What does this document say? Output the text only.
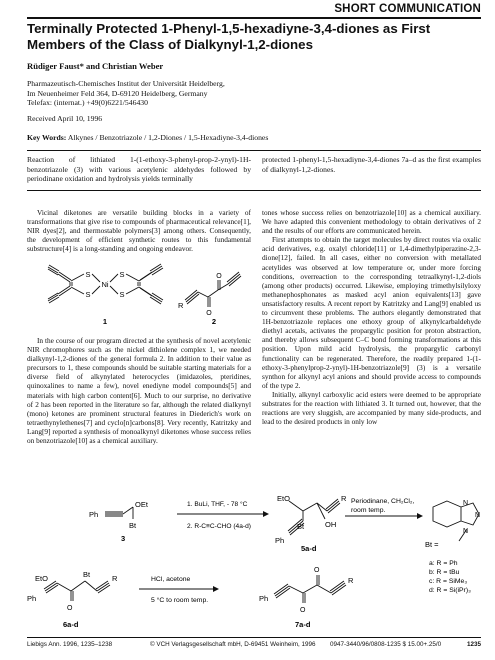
SHORT COMMUNICATION
Terminally Protected 1-Phenyl-1,5-hexadiyne-3,4-diones as First Members of the Class of Dialkynyl-1,2-diones
Rüdiger Faust* and Christian Weber
Pharmazeutisch-Chemisches Institut der Universität Heidelberg,
Im Neuenheimer Feld 364, D-69120 Heidelberg, Germany
Telefax: (internat.) +49(0)6221/546430
Received April 10, 1996
Key Words: Alkynes / Benzotriazole / 1,2-Diones / 1,5-Hexadiyne-3,4-diones
Reaction of lithiated 1-(1-ethoxy-3-phenyl-prop-2-ynyl)-1H-benzotriazole (3) with various acetylenic aldehydes followed by periodinane oxidation and hydrolysis yields terminally
protected 1-phenyl-1,5-hexadiyne-3,4-diones 7a–d as the first examples of dialkynyl-1,2-diones.

Vicinal diketones are versatile building blocks in a variety of transformations that give rise to compounds of pharmaceutical relevance[1], NIR dyes[2], and thermostable polymers[3] among others. Consequently, the development of efficient synthetic routes to this fundamental substructure[4] is a long-standing and ongoing endeavor.

S
S
S
S
Ni
1
R
O
O
2

In the course of our program directed at the synthesis of novel acetylenic NIR chromophores such as the nickel dithiolene complex 1, we needed dialkynyl-1,2-diones of the general formula 2. In addition to their value as precursors to 1, these compounds should be suitable starting materials for a diverse field of alkynylated heterocycles (imidazoles, pteridines, quinoxalines to name a few), novel enediyne model compounds[5] and materials with high carbon content[6]. Much to our surprise, no derivative of 2 has been reported in the literature so far, although the related dialkynyl (mono) ketones are prominent structural features in Diederich's work on tetraethynylethenes[7] and cyclo[n]carbons[8]. Very recently, Katritzky and Lang[9] reported a synthesis of monoalkynyl diketones whose success relies on benzotriazole[10] as a chemical auxiliary.

tones whose success relies on benzotriazole[10] as a chemical auxiliary. We have adapted this convenient methodology to obtain derivatives of 2 and the results of our efforts are communicated herein.

First attempts to obtain the target molecules by direct routes via oxalic acid derivatives, e.g. oxalyl chloride[11] or 1,4-dimethylpiperazine-2,3-dione[12], failed. In all cases, either no conversion with metallated acetylides was observed at low temperature or, under more forcing conditions, overreaction to the corresponding tetraalkynyl-1,2-diols (among other products) occurred. Likewise, employing trimethylsilyloxy methanephosphonates as masked acyl anion equivalents[13] gave unsatisfactory results. A recent report by Katritzky and Lang[9] enabled us to circumvent these problems. The authors elegantly demonstrated that 1H-benzotriazole replaces one ethoxy group of alkynylcarbaldehyde diethyl acetals, activates the propargylic position for proton abstraction, and thereby allows subsequent C–C bond forming transformations at this position. Upon mild acid hydrolysis, the propargylic carbonyl functionality can be regenerated. Therefore, the readily prepared 1-(1-ethoxy-3-phenylprop-2-ynyl)-1H-benzotriazole[9] (3) is a versatile synthon for alkynyl acyl anions and should provide access to compounds of the type 2.

Initially, alkynyl carboxylic acid esters were deemed to be appropriate substrates for the reaction with lithiated 3. It turned out, however, that the reactions are very sluggish, are accompanied by many side-products, and lead to the desired products in only low

Ph
OEt
Bt
3
1. BuLi, THF, - 78 °C
2. R-C≡C-CHO (4a-d)
EtO
Bt	OH
R
Ph
5a-d
Periodinane, CH₂Cl₂,
room temp.
N
N
N
Bt =
a: R = Ph
b: R = tBu
c: R = SiMe₃
d: R = Si(iPr)₃
EtO	Bt
O
Ph
R
6a-d
HCl, acetone
5 °C to room temp.	Ph
O
O
R
7a-d
Liebigs Ann. 1996, 1235–1238	© VCH Verlagsgesellschaft mbH, D-69451 Weinheim, 1996 0947-3440/96/0808-1235 $ 15.00+.25/0	1235
